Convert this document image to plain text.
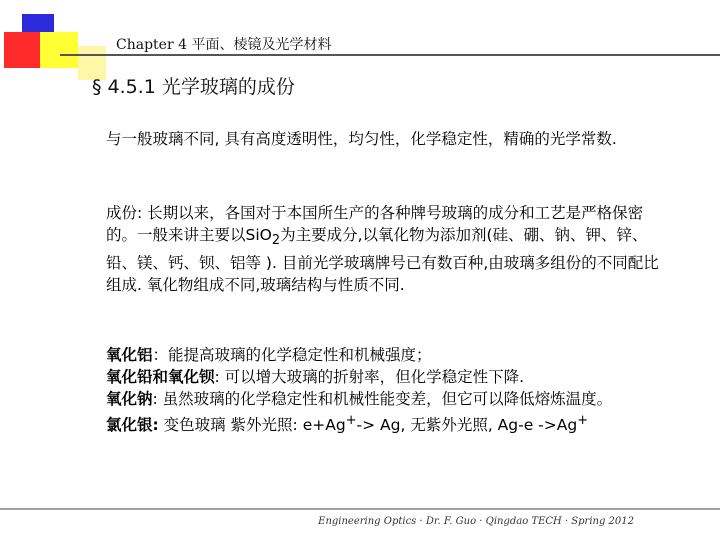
Chapter 4 平面、棱镜及光学材料
§ 4.5.1 光学玻璃的成份

与一般玻璃不同, 具有高度透明性，均匀性，化学稳定性，精确的光学常数.

成份: 长期以来，各国对于本国所生产的各种牌号玻璃的成分和工艺是严格保密的。一般来讲主要以SiO$_2$为主要成分,以氧化物为添加剂(硅、硼、钠、钾、锌、铅、镁、钙、钡、铝等 ). 目前光学玻璃牌号已有数百种,由玻璃多组份的不同配比组成. 氧化物组成不同,玻璃结构与性质不同.

氧化铝：能提高玻璃的化学稳定性和机械强度；
氧化铅和氧化钡: 可以增大玻璃的折射率，但化学稳定性下降.
氧化钠: 虽然玻璃的化学稳定性和机械性能变差，但它可以降低熔炼温度。
氯化银: 变色玻璃 紫外光照: e+Ag+-> Ag, 无紫外光照, Ag-e ->Ag+

Engineering Optics · Dr. F. Guo · Qingdao TECH · Spring 2012
